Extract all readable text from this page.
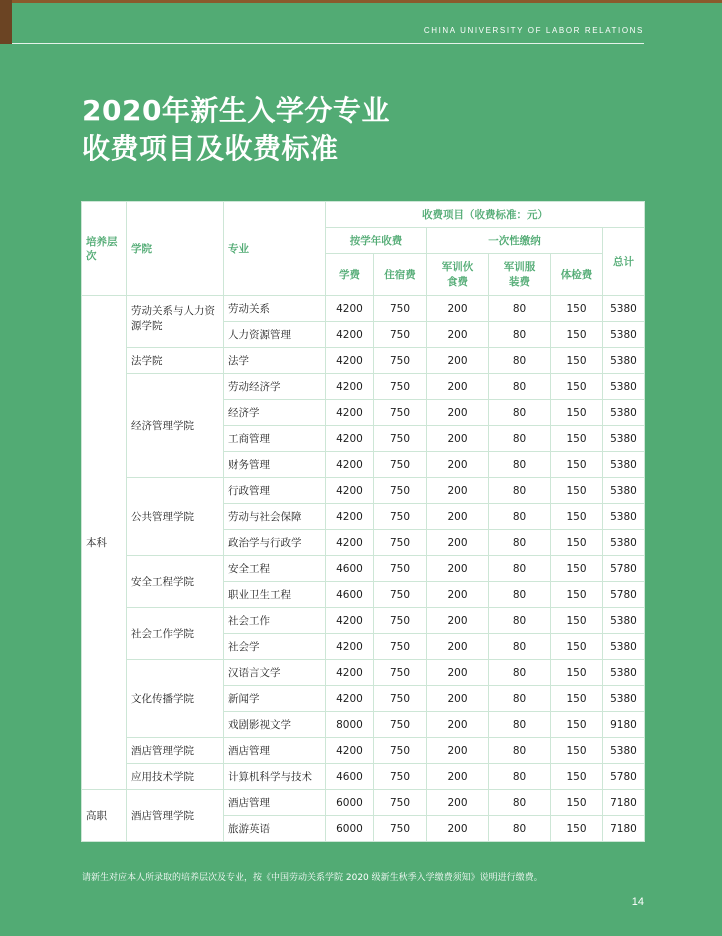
CHINA UNIVERSITY OF LABOR RELATIONS
2020年新生入学分专业
收费项目及收费标准
培养层次	学院	专业	收费项目（收费标准：元）					
			按学年收费		一次性缴纳			总计
			学费	住宿费	军训伙食费	军训服装费	体检费	
本科	劳动关系与人力资源学院	劳动关系	4200	750	200	80	150	5380
		人力资源管理	4200	750	200	80	150	5380
	法学院	法学	4200	750	200	80	150	5380
	经济管理学院	劳动经济学	4200	750	200	80	150	5380
		经济学	4200	750	200	80	150	5380
		工商管理	4200	750	200	80	150	5380
		财务管理	4200	750	200	80	150	5380
	公共管理学院	行政管理	4200	750	200	80	150	5380
		劳动与社会保障	4200	750	200	80	150	5380
		政治学与行政学	4200	750	200	80	150	5380
	安全工程学院	安全工程	4600	750	200	80	150	5780
		职业卫生工程	4600	750	200	80	150	5780
	社会工作学院	社会工作	4200	750	200	80	150	5380
		社会学	4200	750	200	80	150	5380
	文化传播学院	汉语言文学	4200	750	200	80	150	5380
		新闻学	4200	750	200	80	150	5380
		戏剧影视文学	8000	750	200	80	150	9180
	酒店管理学院	酒店管理	4200	750	200	80	150	5380
	应用技术学院	计算机科学与技术	4600	750	200	80	150	5780
高职	酒店管理学院	酒店管理	6000	750	200	80	150	7180
		旅游英语	6000	750	200	80	150	7180
请新生对应本人所录取的培养层次及专业，按《中国劳动关系学院 2020 级新生秋季入学缴费须知》说明进行缴费。
14
